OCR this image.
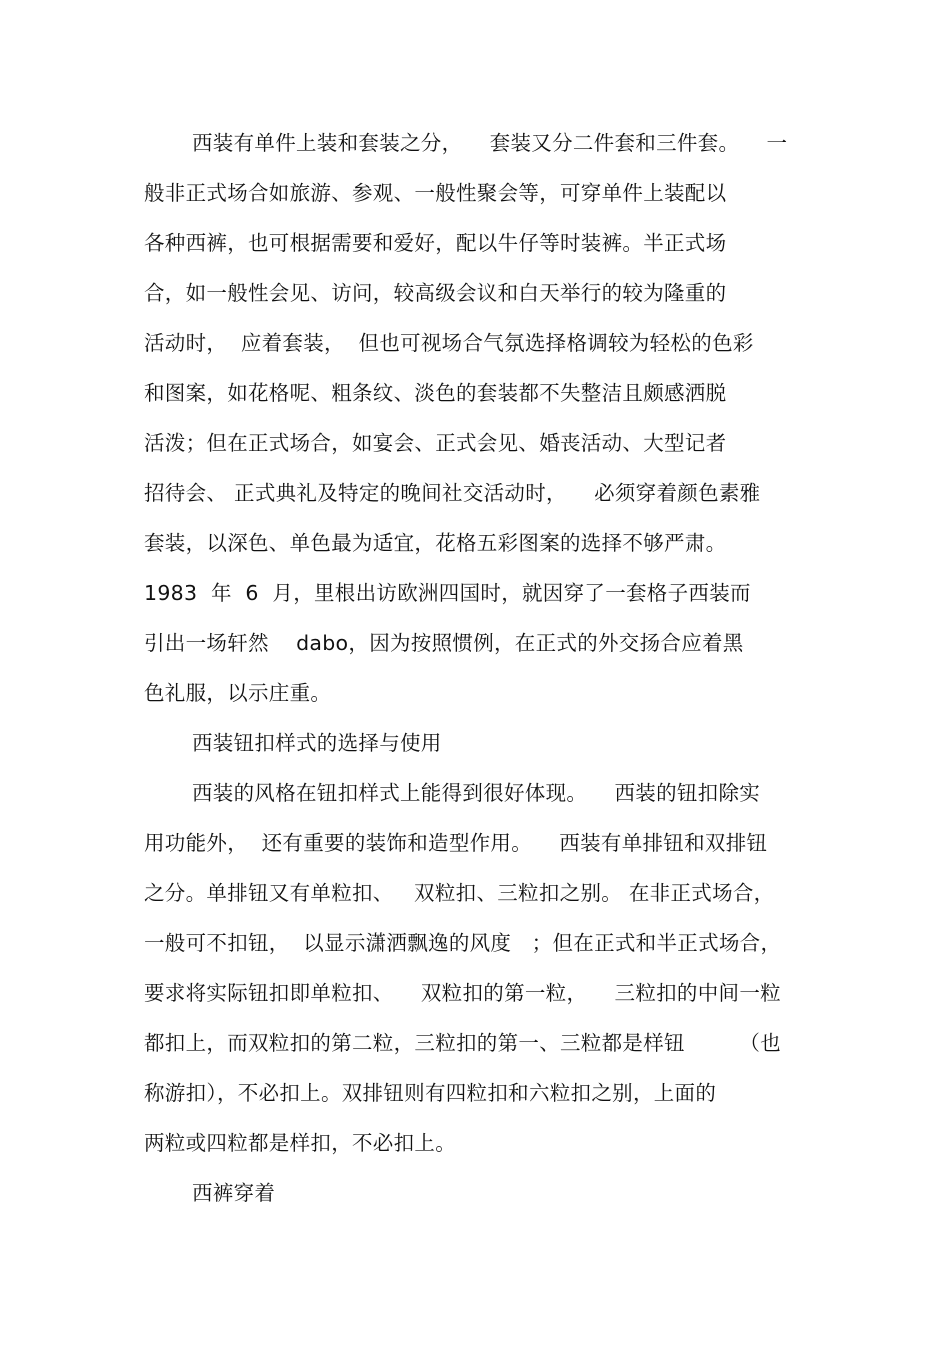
西装有单件上装和套装之分，    套装又分二件套和三件套。    一
般非正式场合如旅游、参观、一般性聚会等，可穿单件上装配以
各种西裤，也可根据需要和爱好，配以牛仔等时装裤。半正式场
合，如一般性会见、访问，较高级会议和白天举行的较为隆重的
活动时，  应着套装，  但也可视场合气氛选择格调较为轻松的色彩
和图案，如花格呢、粗条纹、淡色的套装都不失整洁且颇感洒脱
活泼；但在正式场合，如宴会、正式会见、婚丧活动、大型记者
招待会、 正式典礼及特定的晚间社交活动时，    必须穿着颜色素雅
套装，以深色、单色最为适宜，花格五彩图案的选择不够严肃。
1983  年  6  月，里根出访欧洲四国时，就因穿了一套格子西装而
引出一场轩然    dabo，因为按照惯例，在正式的外交扬合应着黑
色礼服，以示庄重。
西装钮扣样式的选择与使用
西装的风格在钮扣样式上能得到很好体现。    西装的钮扣除实
用功能外，  还有重要的装饰和造型作用。    西装有单排钮和双排钮
之分。单排钮又有单粒扣、   双粒扣、三粒扣之别。 在非正式场合，
一般可不扣钮，  以显示潇洒飘逸的风度   ；但在正式和半正式场合，
要求将实际钮扣即单粒扣、    双粒扣的第一粒，    三粒扣的中间一粒
都扣上，而双粒扣的第二粒，三粒扣的第一、三粒都是样钮        （也
称游扣），不必扣上。双排钮则有四粒扣和六粒扣之别，上面的
两粒或四粒都是样扣，不必扣上。
西裤穿着
